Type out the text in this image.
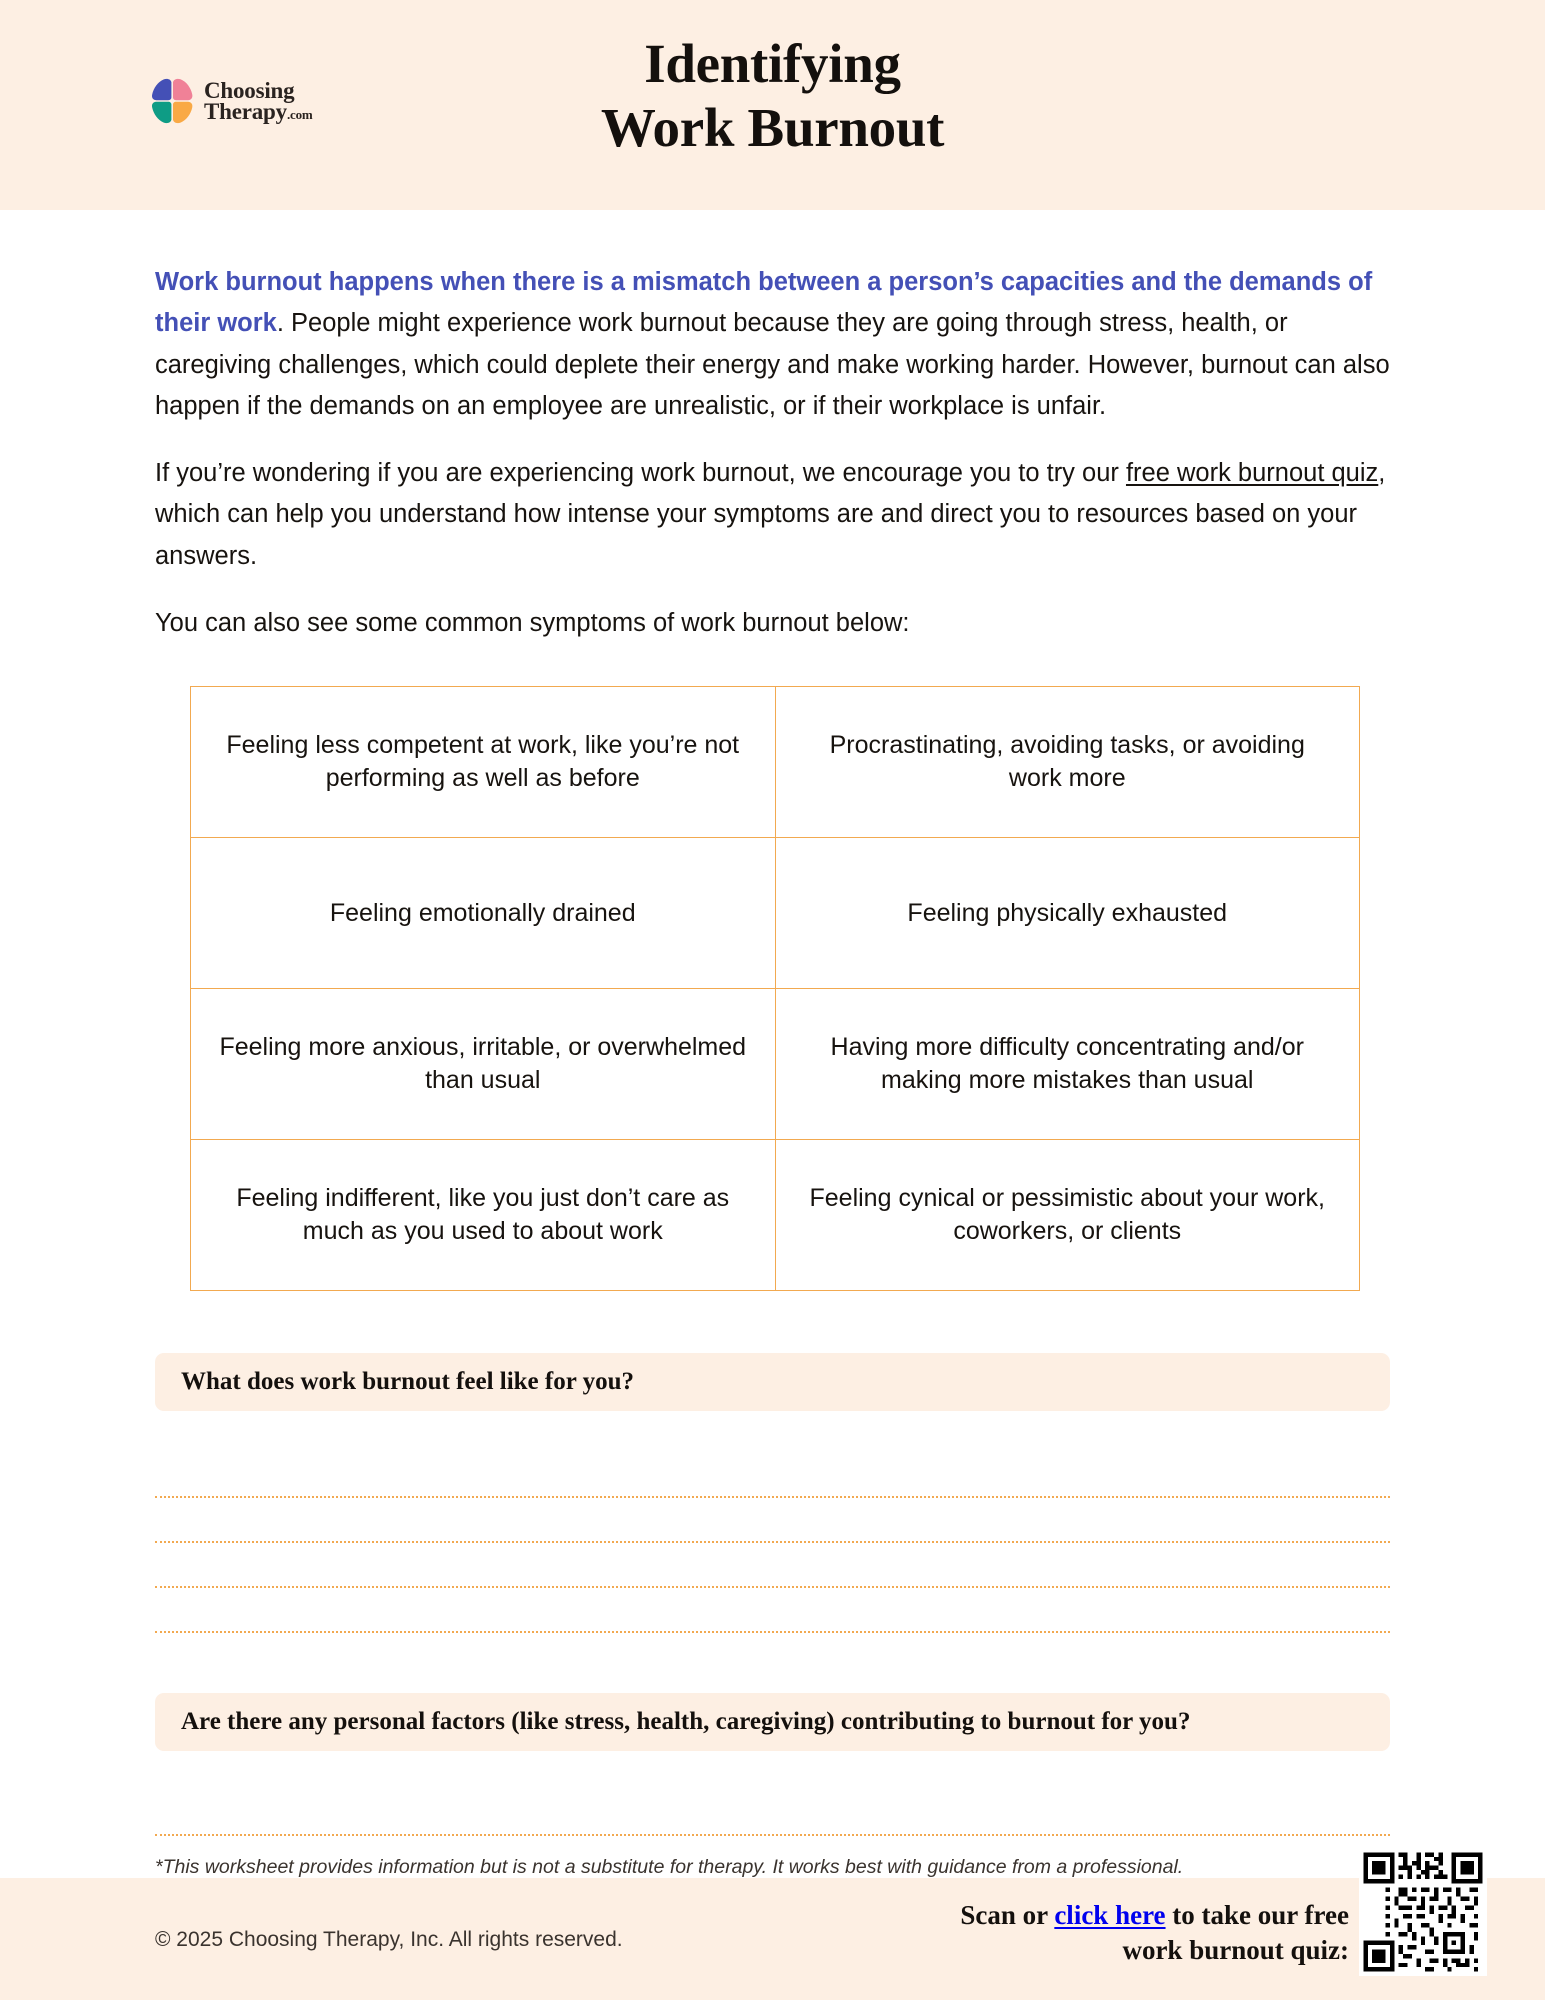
Choosing
Therapy.com
Identifying
Work Burnout

Work burnout happens when there is a mismatch between a person’s capacities and the demands of their work. People might experience work burnout because they are going through stress, health, or caregiving challenges, which could deplete their energy and make working harder. However, burnout can also happen if the demands on an employee are unrealistic, or if their workplace is unfair.

If you’re wondering if you are experiencing work burnout, we encourage you to try our free work burnout quiz, which can help you understand how intense your symptoms are and direct you to resources based on your answers.

You can also see some common symptoms of work burnout below:

Feeling less competent at work, like you’re not performing as well as before	Procrastinating, avoiding tasks, or avoiding work more
Feeling emotionally drained	Feeling physically exhausted
Feeling more anxious, irritable, or overwhelmed than usual	Having more difficulty concentrating and/or making more mistakes than usual
Feeling indifferent, like you just don’t care as much as you used to about work	Feeling cynical or pessimistic about your work, coworkers, or clients
What does work burnout feel like for you?
Are there any personal factors (like stress, health, caregiving) contributing to burnout for you?
*This worksheet provides information but is not a substitute for therapy. It works best with guidance from a professional.
© 2025 Choosing Therapy, Inc. All rights reserved.
Scan or click here to take our free
work burnout quiz:
